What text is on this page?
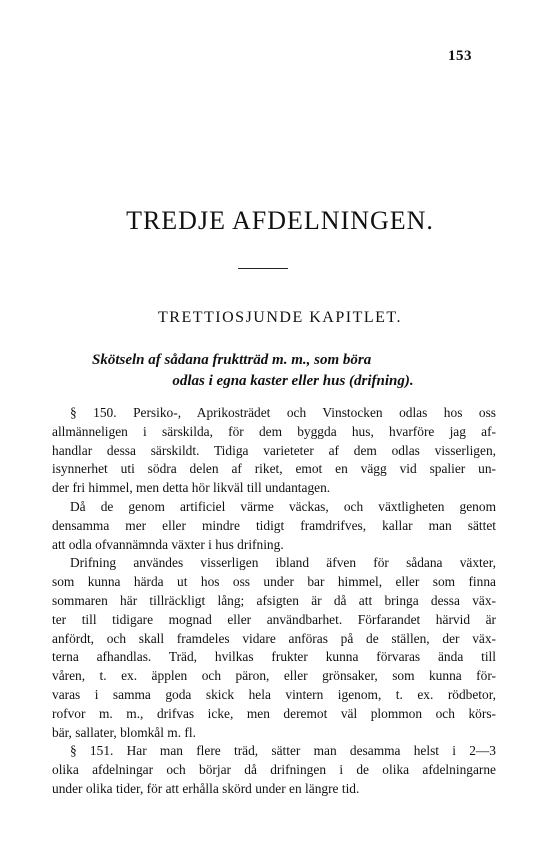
153
TREDJE AFDELNINGEN.
TRETTIOSJUNDE KAPITLET.
Skötseln af sådana fruktträd m. m., som böra
odlas i egna kaster eller hus (drifning).
§ 150. Persiko-, Aprikosträdet och Vinstocken odlas hos oss
allmänneligen i särskilda, för dem byggda hus, hvarföre jag af-
handlar dessa särskildt. Tidiga varieteter af dem odlas visserligen,
isynnerhet uti södra delen af riket, emot en vägg vid spalier un-
der fri himmel, men detta hör likväl till undantagen.
Då de genom artificiel värme väckas, och växtligheten genom
densamma mer eller mindre tidigt framdrifves, kallar man sättet
att odla ofvannämnda växter i hus drifning.
Drifning användes visserligen ibland äfven för sådana växter,
som kunna härda ut hos oss under bar himmel, eller som finna
sommaren här tillräckligt lång; afsigten är då att bringa dessa väx-
ter till tidigare mognad eller användbarhet. Förfarandet härvid är
anfördt, och skall framdeles vidare anföras på de ställen, der väx-
terna afhandlas. Träd, hvilkas frukter kunna förvaras ända till
våren, t. ex. äpplen och päron, eller grönsaker, som kunna för-
varas i samma goda skick hela vintern igenom, t. ex. rödbetor,
rofvor m. m., drifvas icke, men deremot väl plommon och körs-
bär, sallater, blomkål m. fl.
§ 151. Har man flere träd, sätter man desamma helst i 2—3
olika afdelningar och börjar då drifningen i de olika afdelningarne
under olika tider, för att erhålla skörd under en längre tid.
